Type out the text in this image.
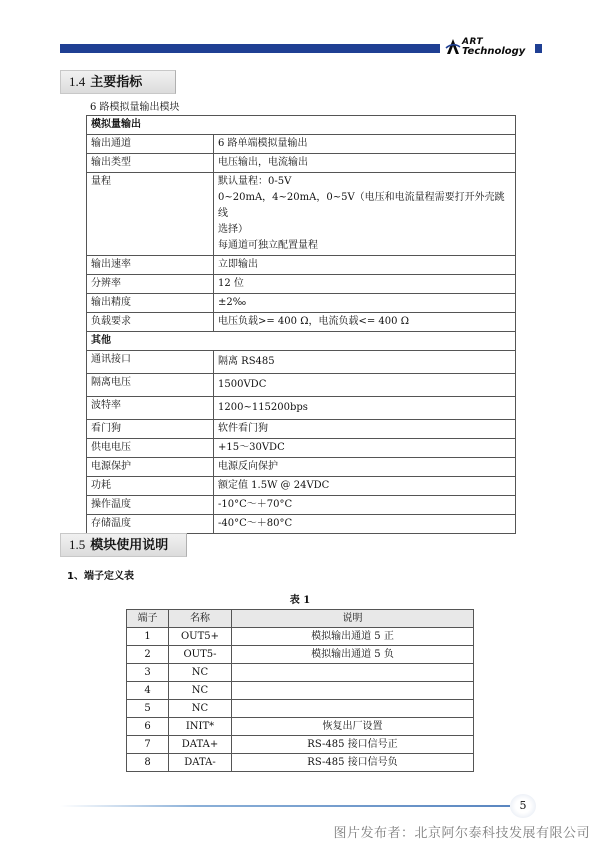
ART
Technology
1.4 主要指标
6 路模拟量输出模块
模拟量输出	
输出通道	6 路单端模拟量输出

输出类型	电压输出，电流输出

量程	默认量程：0-5V
0~20mA，4~20mA，0~5V（电压和电流量程需要打开外壳跳线
选择）
每通道可独立配置量程

输出速率	立即输出

分辨率	12 位

输出精度	±2‰

负载要求	电压负载>= 400 Ω，电流负载<= 400 Ω

其他	
通讯接口	隔离 RS485

隔离电压	1500VDC

波特率	1200~115200bps

看门狗	软件看门狗

供电电压	+15～30VDC

电源保护	电源反向保护

功耗	额定值 1.5W @ 24VDC

操作温度	-10°C～＋70°C

存储温度	-40°C～＋80°C
1.5 模块使用说明
1、端子定义表
表 1
端子	名称	说明
1	OUT5+	模拟输出通道 5 正
2	OUT5-	模拟输出通道 5 负
3	NC	
4	NC	
5	NC	
6	INIT*	恢复出厂设置
7	DATA+	RS-485 接口信号正
8	DATA-	RS-485 接口信号负
5
图片发布者：北京阿尔泰科技发展有限公司
